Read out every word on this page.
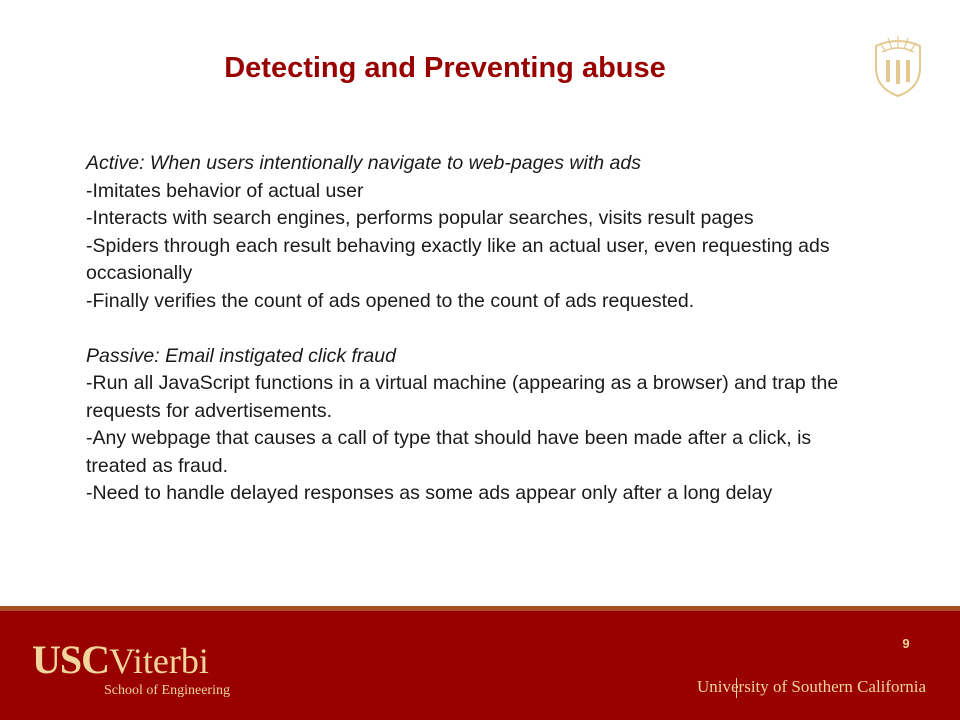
Detecting and Preventing abuse

Active: When users intentionally navigate to web-pages with ads

-Imitates behavior of actual user

-Interacts with search engines, performs popular searches, visits result pages

-Spiders through each result behaving exactly like an actual user, even requesting ads occasionally

-Finally verifies the count of ads opened to the count of ads requested.

Passive: Email instigated click fraud

-Run all JavaScript functions in a virtual machine (appearing as a browser) and trap the requests for advertisements.

-Any webpage that causes a call of type that should have been made after a click, is treated as fraud.

-Need to handle delayed responses as some ads appear only after a long delay

USCViterbi
School of Engineering
9
University of Southern California
